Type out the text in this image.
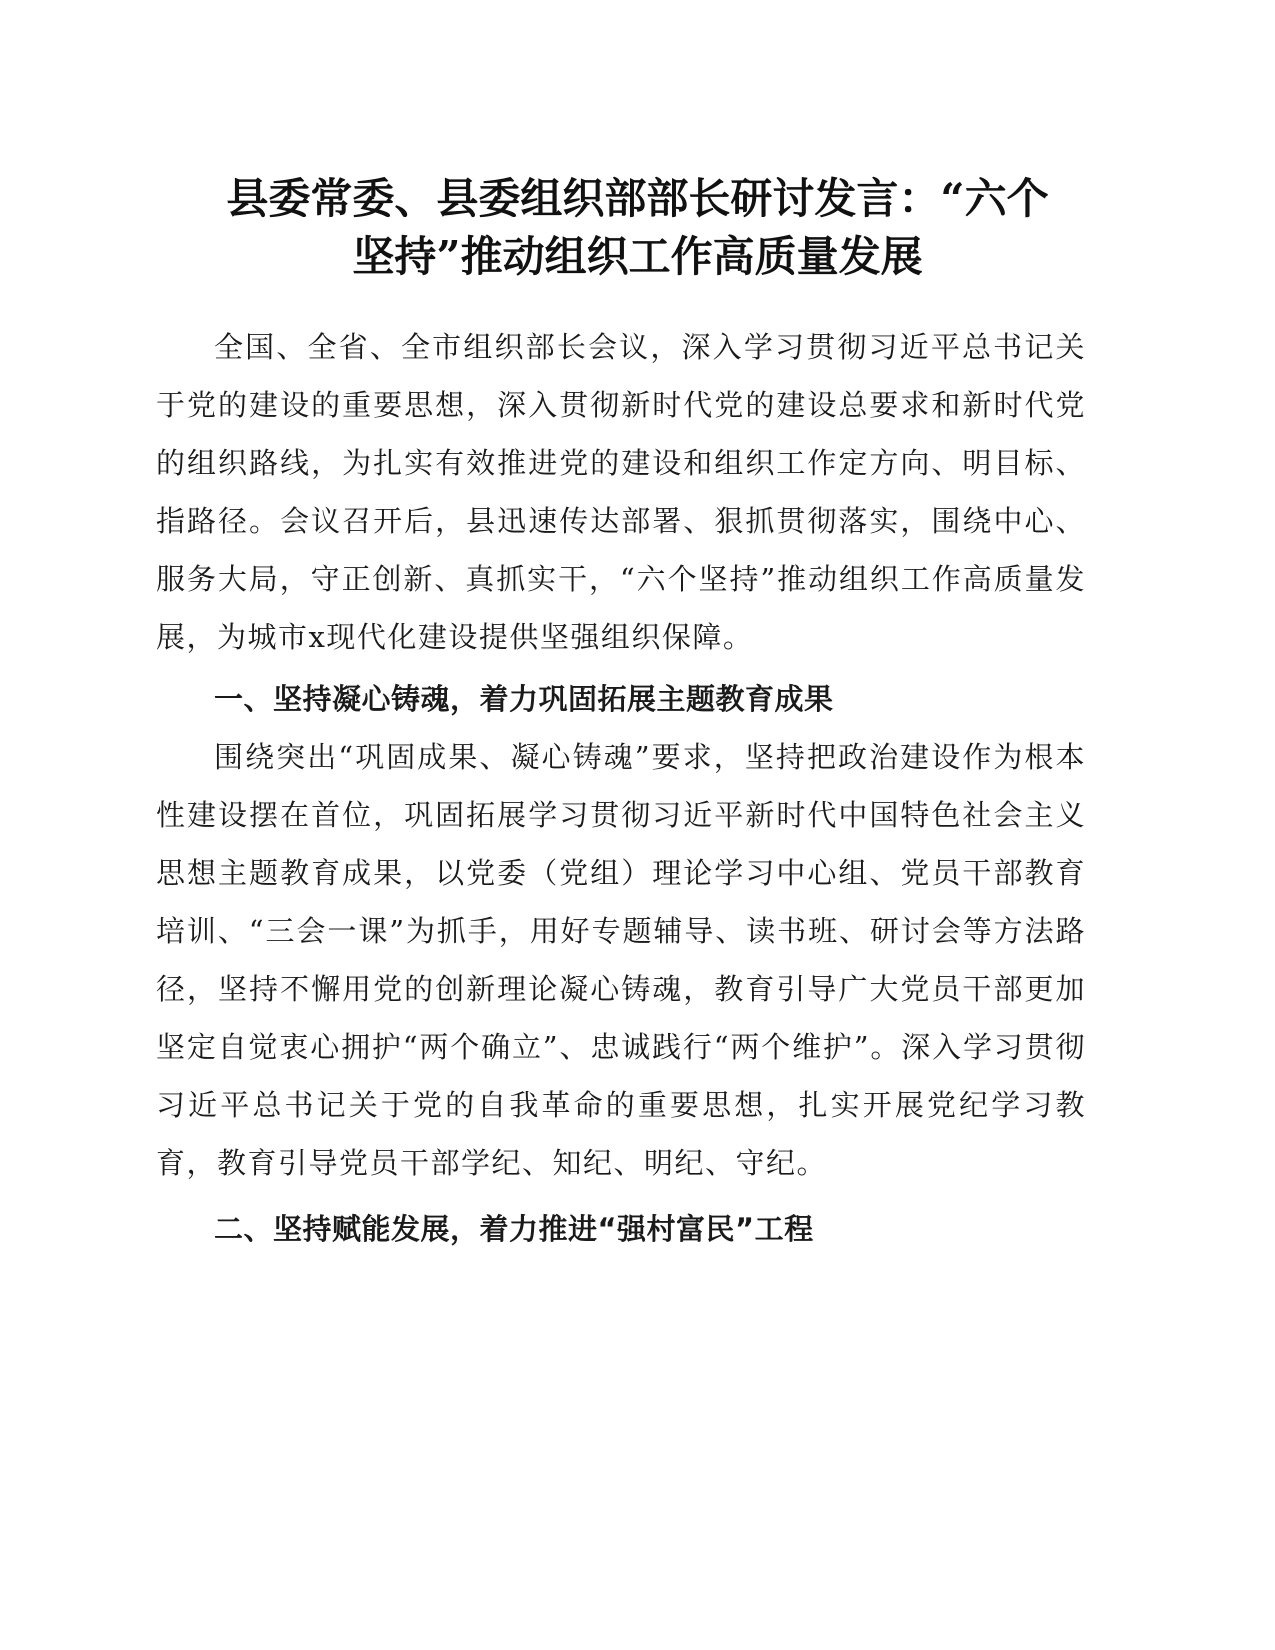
县委常委、县委组织部部长研讨发言：“六个
坚持”推动组织工作高质量发展

全国、全省、全市组织部长会议，深入学习贯彻习近平总书记关于党的建设的重要思想，深入贯彻新时代党的建设总要求和新时代党的组织路线，为扎实有效推进党的建设和组织工作定方向、明目标、指路径。会议召开后，县迅速传达部署、狠抓贯彻落实，围绕中心、服务大局，守正创新、真抓实干，“六个坚持”推动组织工作高质量发展，为城市x现代化建设提供坚强组织保障。

一、坚持凝心铸魂，着力巩固拓展主题教育成果

围绕突出“巩固成果、凝心铸魂”要求，坚持把政治建设作为根本性建设摆在首位，巩固拓展学习贯彻习近平新时代中国特色社会主义思想主题教育成果，以党委（党组）理论学习中心组、党员干部教育培训、“三会一课”为抓手，用好专题辅导、读书班、研讨会等方法路径，坚持不懈用党的创新理论凝心铸魂，教育引导广大党员干部更加坚定自觉衷心拥护“两个确立”、忠诚践行“两个维护”。深入学习贯彻习近平总书记关于党的自我革命的重要思想，扎实开展党纪学习教育，教育引导党员干部学纪、知纪、明纪、守纪。

二、坚持赋能发展，着力推进“强村富民”工程
